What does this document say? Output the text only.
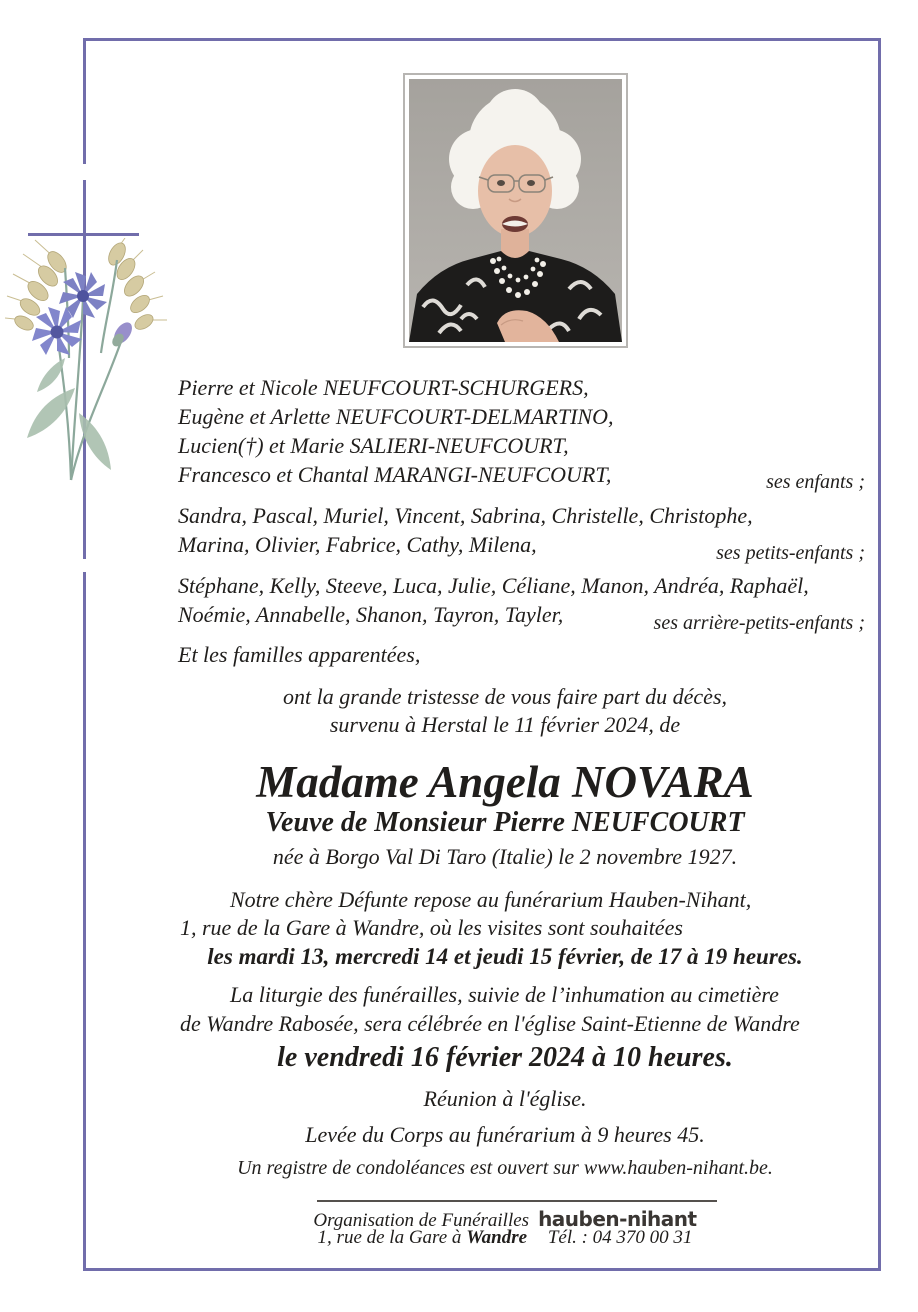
Pierre et Nicole NEUFCOURT-SCHURGERS,
Eugène et Arlette NEUFCOURT-DELMARTINO,
Lucien(†) et Marie SALIERI-NEUFCOURT,
Francesco et Chantal MARANGI-NEUFCOURT,	ses enfants ;
Sandra, Pascal, Muriel, Vincent, Sabrina, Christelle, Christophe,
Marina, Olivier, Fabrice, Cathy, Milena,	ses petits-enfants ;
Stéphane, Kelly, Steeve, Luca, Julie, Céliane, Manon, Andréa, Raphaël,
Noémie, Annabelle, Shanon, Tayron, Tayler,	ses arrière-petits-enfants ;
Et les familles apparentées,
ont la grande tristesse de vous faire part du décès,
survenu à Herstal le 11 février 2024, de
Madame Angela NOVARA
Veuve de Monsieur Pierre NEUFCOURT
née à Borgo Val Di Taro (Italie) le 2 novembre 1927.
Notre chère Défunte repose au funérarium Hauben-Nihant,
1, rue de la Gare à Wandre, où les visites sont souhaitées
les mardi 13, mercredi 14 et jeudi 15 février, de 17 à 19 heures.
La liturgie des funérailles, suivie de l’inhumation au cimetière
de Wandre Rabosée, sera célébrée en l'église Saint-Etienne de Wandre
le vendredi 16 février 2024 à 10 heures.
Réunion à l'église.
Levée du Corps au funérarium à 9 heures 45.
Un registre de condoléances est ouvert sur www.hauben-nihant.be.
Organisation de Funérailles hauben-nihant
1, rue de la Gare à Wandre Tél. : 04 370 00 31
